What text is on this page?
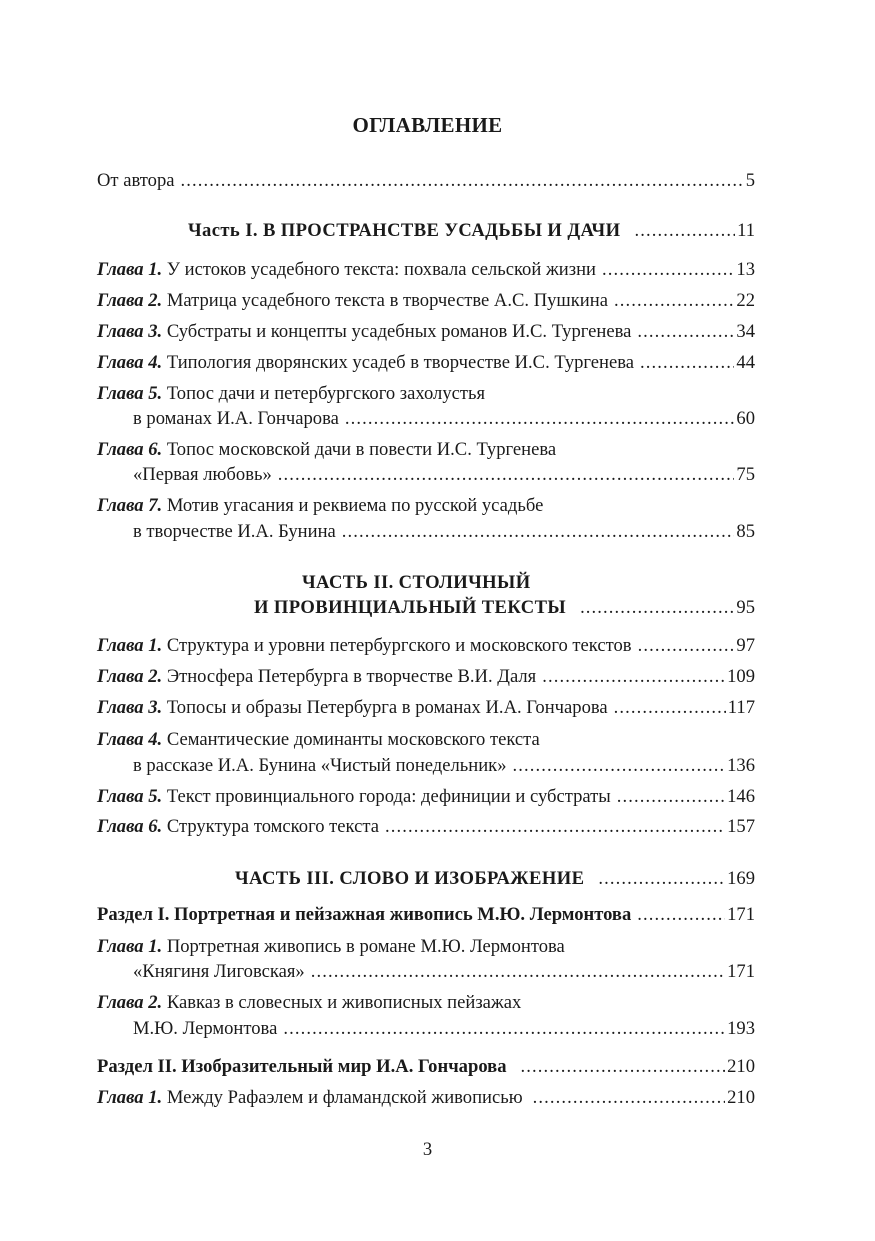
ОГЛАВЛЕНИЕ
От автора .....	5
Часть I. В ПРОСТРАНСТВЕ УСАДЬБЫ И ДАЧИ .....	11
Глава 1. У истоков усадебного текста: похвала сельской жизни .....	13
Глава 2. Матрица усадебного текста в творчестве А.С. Пушкина .....	22
Глава 3. Субстраты и концепты усадебных романов И.С. Тургенева .....	34
Глава 4. Типология дворянских усадеб в творчестве И.С. Тургенева .....	44
Глава 5. Топос дачи и петербургского захолустья
в романах И.А. Гончарова .....	60
Глава 6. Топос московской дачи в повести И.С. Тургенева
«Первая любовь» .....	75
Глава 7. Мотив угасания и реквиема по русской усадьбе
в творчестве И.А. Бунина .....	85
ЧАСТЬ II. СТОЛИЧНЫЙ
И ПРОВИНЦИАЛЬНЫЙ ТЕКСТЫ .....	95
Глава 1. Структура и уровни петербургского и московского текстов .....	97
Глава 2. Этносфера Петербурга в творчестве В.И. Даля .....	109
Глава 3. Топосы и образы Петербурга в романах И.А. Гончарова .....	117
Глава 4. Семантические доминанты московского текста
в рассказе И.А. Бунина «Чистый понедельник» .....	136
Глава 5. Текст провинциального города: дефиниции и субстраты .....	146
Глава 6. Структура томского текста .....	157
ЧАСТЬ III. СЛОВО И ИЗОБРАЖЕНИЕ .....	169
Раздел I. Портретная и пейзажная живопись М.Ю. Лермонтова .....	171
Глава 1. Портретная живопись в романе М.Ю. Лермонтова
«Княгиня Лиговская» .....	171
Глава 2. Кавказ в словесных и живописных пейзажах
М.Ю. Лермонтова .....	193
Раздел II. Изобразительный мир И.А. Гончарова .....	210
Глава 1. Между Рафаэлем и фламандской живописью .....	210
3
